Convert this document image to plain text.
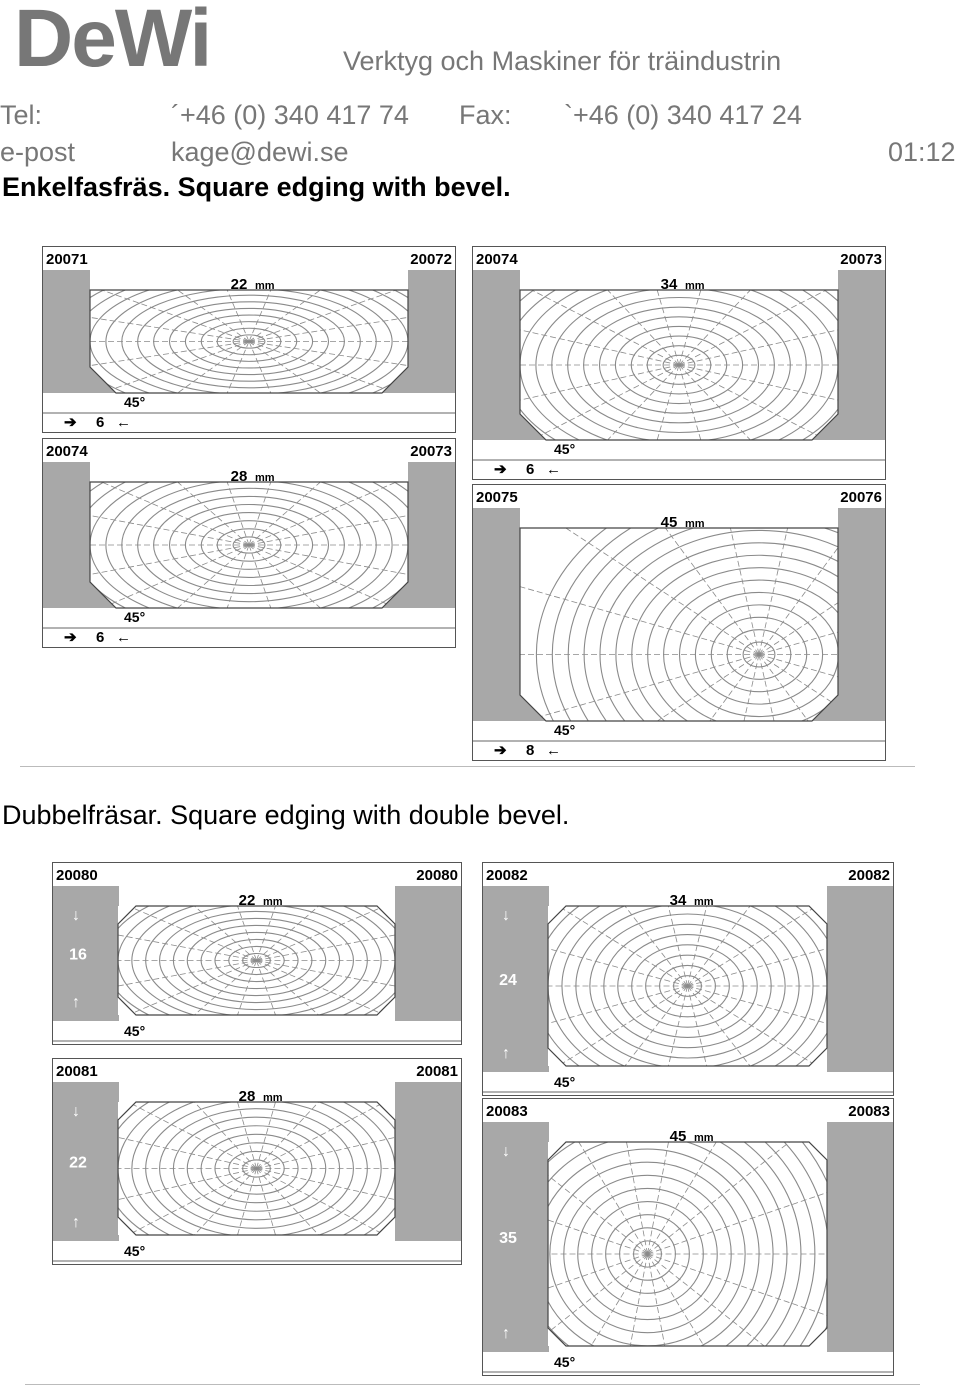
DeWi	Verktyg och Maskiner för träindustrin
Tel:	´+46 (0) 340 417 74 Fax: `+46 (0) 340 417 24
e-post	kage@dewi.se	01:12
Enkelfasfräs. Square edging with bevel.
20071	20072
22 mm
45°
➔ 6 ←
20074	20073
34 mm
45°
➔ 6 ←
20074	20073
28 mm
45°
➔ 6 ←
20075	20076
45 mm
45°
➔ 8 ←
Dubbelfräsar. Square edging with double bevel.
20080	20080
22 mm
↓
16
↑
45°
20082	20082
34 mm
↓
24
↑
45°
20081	20081
28 mm
↓
22
↑
45°
20083	20083
45 mm
↓
35
↑
45°
